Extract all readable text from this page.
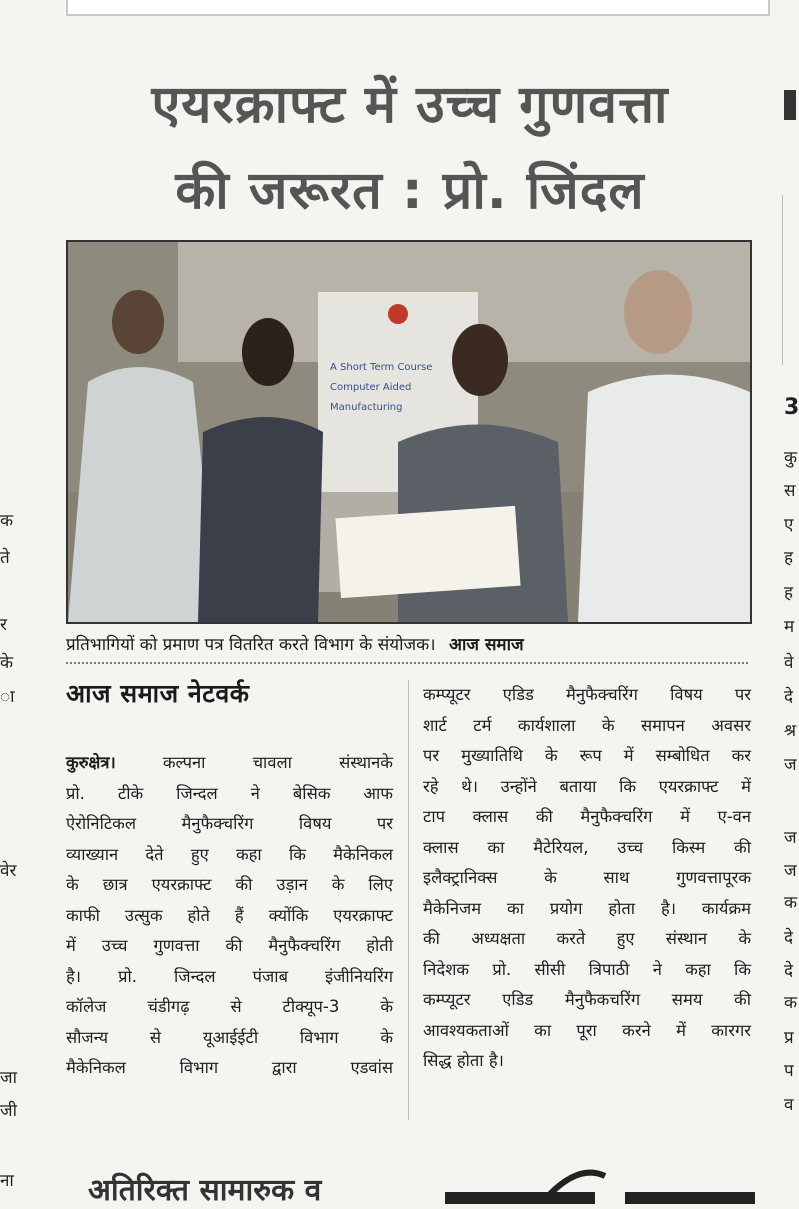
क
ते
र
के
ा
वेर
जा
जी
ना
3
कु
स
ए
ह
ह
म
वे
दे
श्र
ज
ज
ज
क
दे
दे
क
प्र
प
व
एयरक्राफ्ट में उच्च गुणवत्ता
की जरूरत : प्रो. जिंदल
A Short Term Course
Computer Aided
Manufacturing
प्रतिभागियों को प्रमाण पत्र वितरित करते विभाग के संयोजक। आज समाज
आज समाज नेटवर्क
कुरुक्षेत्र। कल्पना चावला संस्थानके
प्रो. टीके जिन्दल ने बेसिक आफ
ऐरोनिटिकल मैनुफैक्चरिंग विषय पर
व्याख्यान देते हुए कहा कि मैकेनिकल
के छात्र एयरक्राफ्ट की उड़ान के लिए
काफी उत्सुक होते हैं क्योंकि एयरक्राफ्ट
में उच्च गुणवत्ता की मैनुफैक्चरिंग होती
है। प्रो. जिन्दल पंजाब इंजीनियरिंग
कॉलेज चंडीगढ़ से टीक्यूप-3 के
सौजन्य से यूआईईटी विभाग के
मैकेनिकल विभाग द्वारा एडवांस
कम्प्यूटर एडिड मैनुफैक्चरिंग विषय पर
शार्ट टर्म कार्यशाला के समापन अवसर
पर मुख्यातिथि के रूप में सम्बोधित कर
रहे थे। उन्होंने बताया कि एयरक्राफ्ट में
टाप क्लास की मैनुफैक्चरिंग में ए-वन
क्लास का मैटेरियल, उच्च किस्म की
इलैक्ट्रानिक्स के साथ गुणवत्तापूरक
मैकेनिजम का प्रयोग होता है। कार्यक्रम
की अध्यक्षता करते हुए संस्थान के
निदेशक प्रो. सीसी त्रिपाठी ने कहा कि
कम्प्यूटर एडिड मैनुफैकचरिंग समय की
आवश्यकताओं का पूरा करने में कारगर
सिद्ध होता है।
अतिरिक्त सामारुक व
